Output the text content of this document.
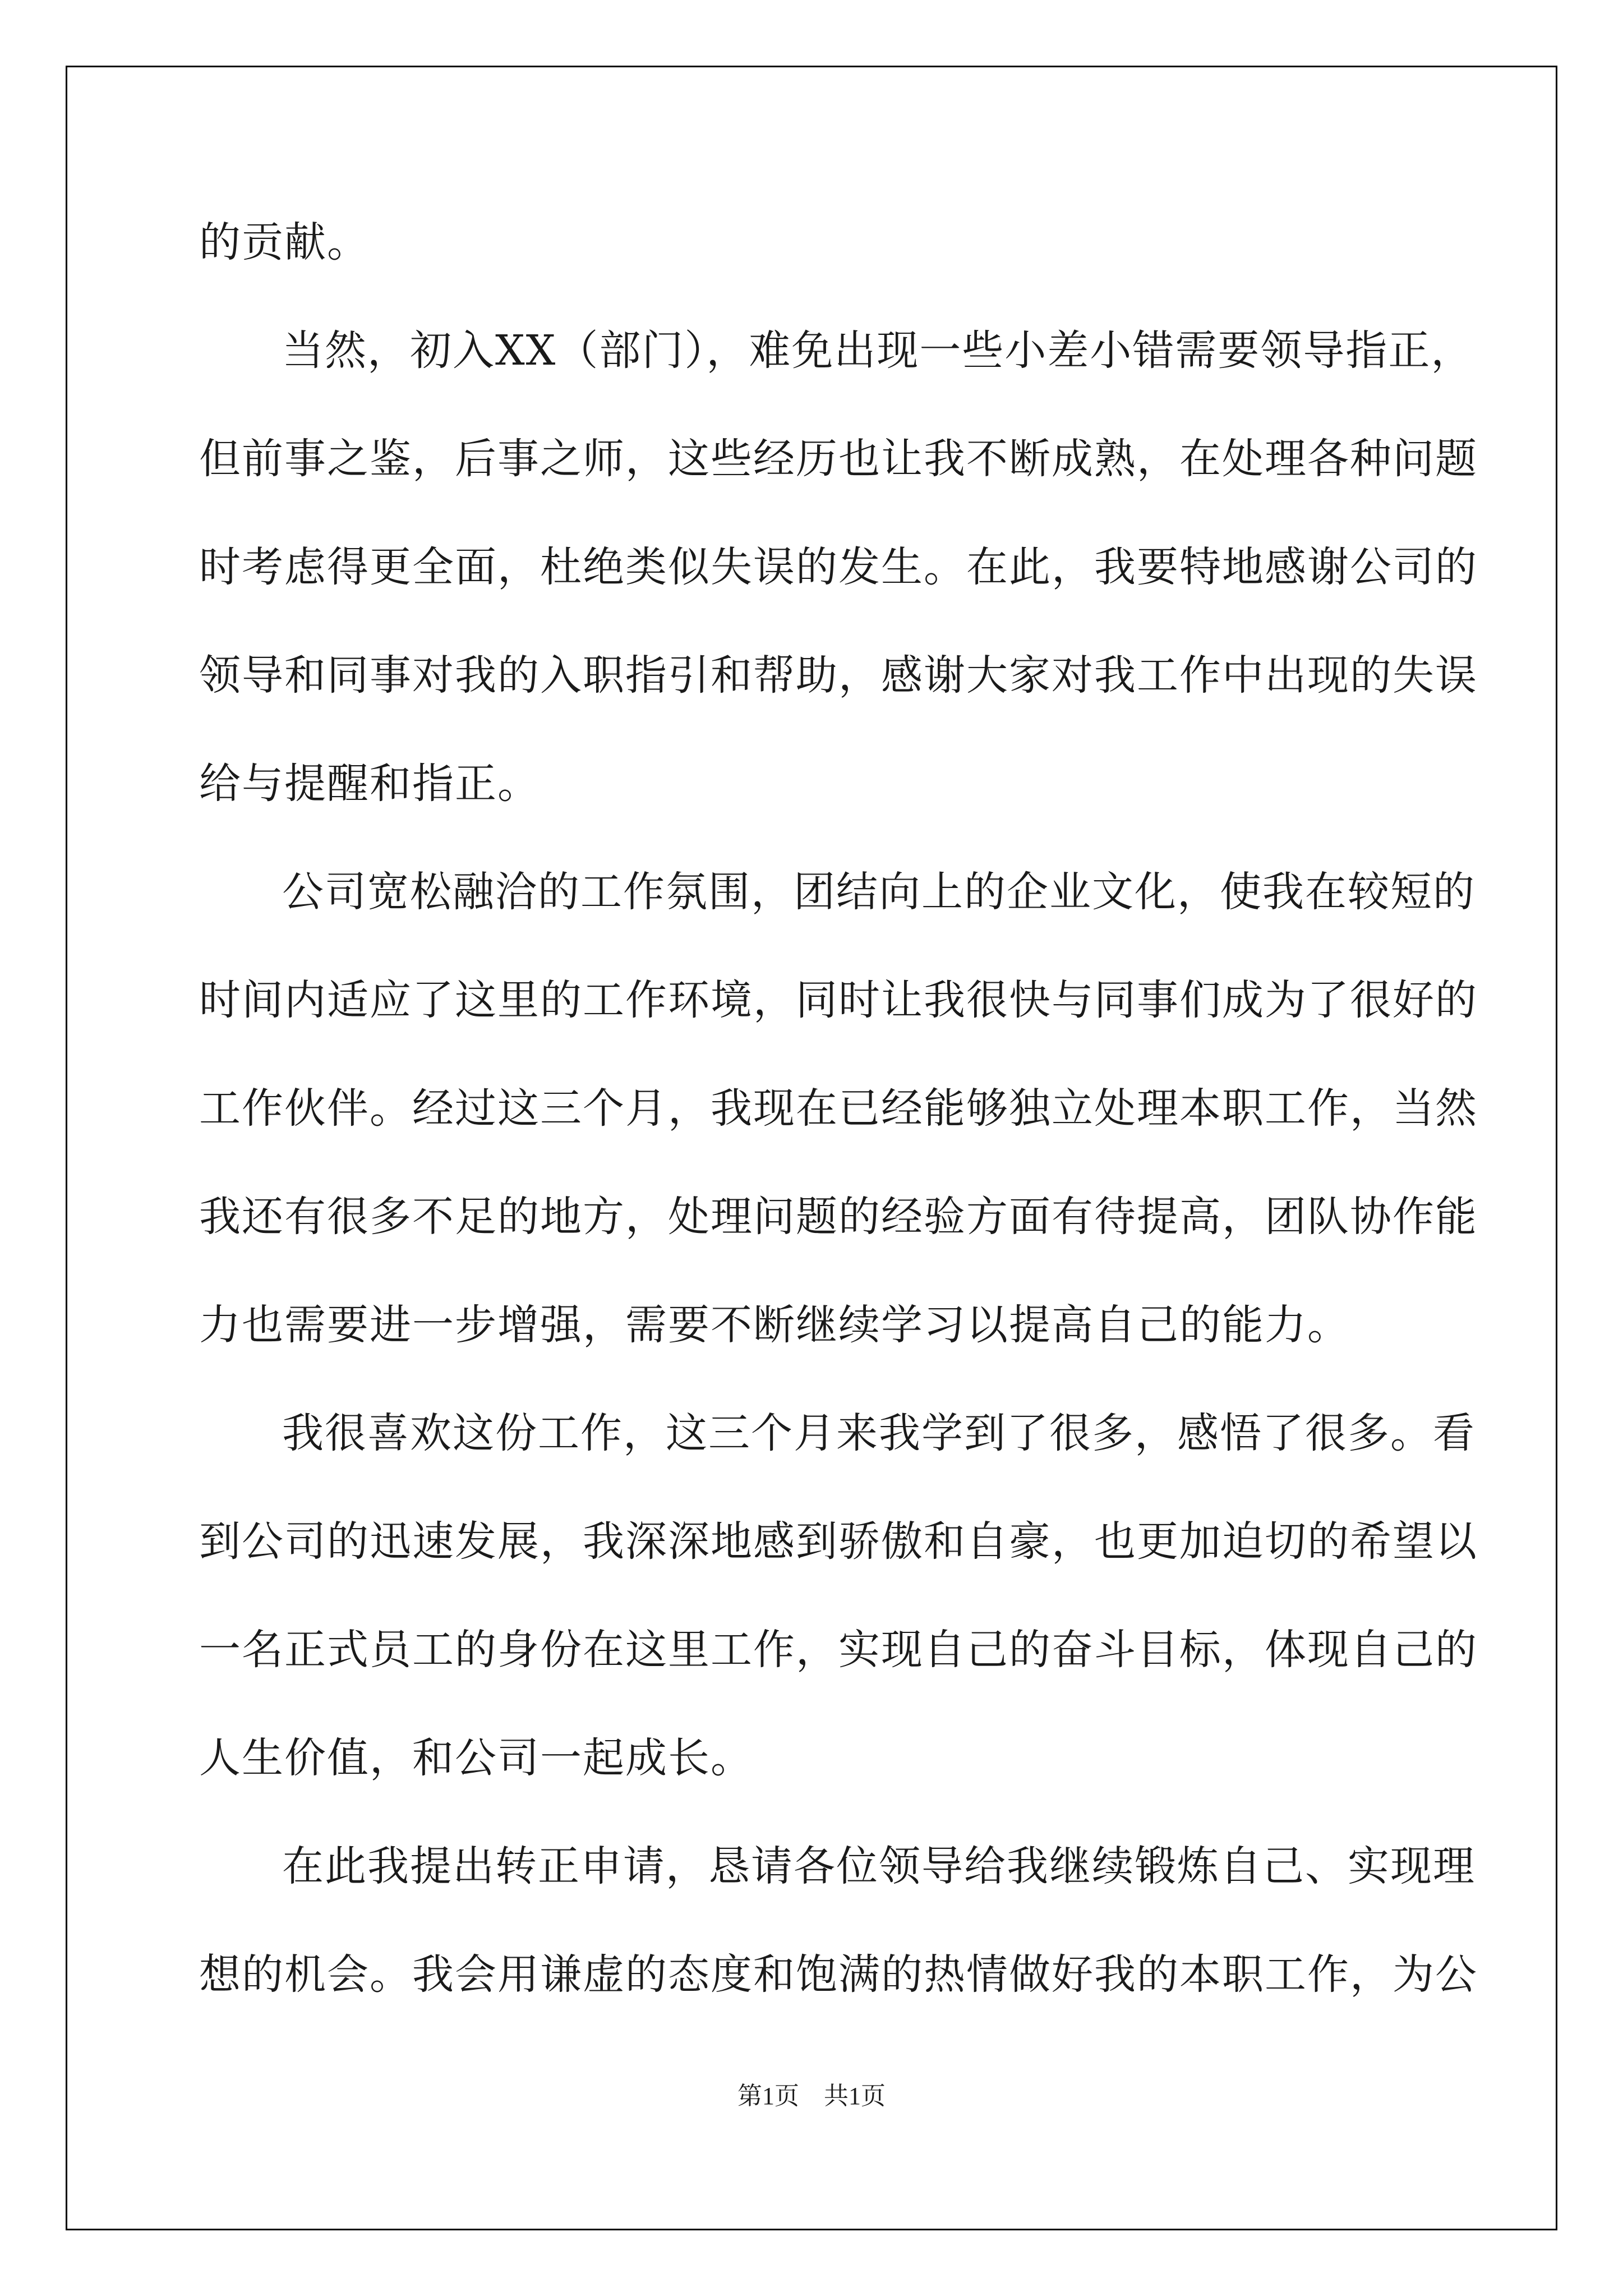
的贡献。
当然，初入XX（部门），难免出现一些小差小错需要领导指正，
但前事之鉴，后事之师，这些经历也让我不断成熟，在处理各种问题
时考虑得更全面，杜绝类似失误的发生。在此，我要特地感谢公司的
领导和同事对我的入职指引和帮助，感谢大家对我工作中出现的失误
给与提醒和指正。
公司宽松融洽的工作氛围，团结向上的企业文化，使我在较短的
时间内适应了这里的工作环境，同时让我很快与同事们成为了很好的
工作伙伴。经过这三个月，我现在已经能够独立处理本职工作，当然
我还有很多不足的地方，处理问题的经验方面有待提高，团队协作能
力也需要进一步增强，需要不断继续学习以提高自己的能力。
我很喜欢这份工作，这三个月来我学到了很多，感悟了很多。看
到公司的迅速发展，我深深地感到骄傲和自豪，也更加迫切的希望以
一名正式员工的身份在这里工作，实现自己的奋斗目标，体现自己的
人生价值，和公司一起成长。
在此我提出转正申请，恳请各位领导给我继续锻炼自己、实现理
想的机会。我会用谦虚的态度和饱满的热情做好我的本职工作，为公
第1页　共1页
